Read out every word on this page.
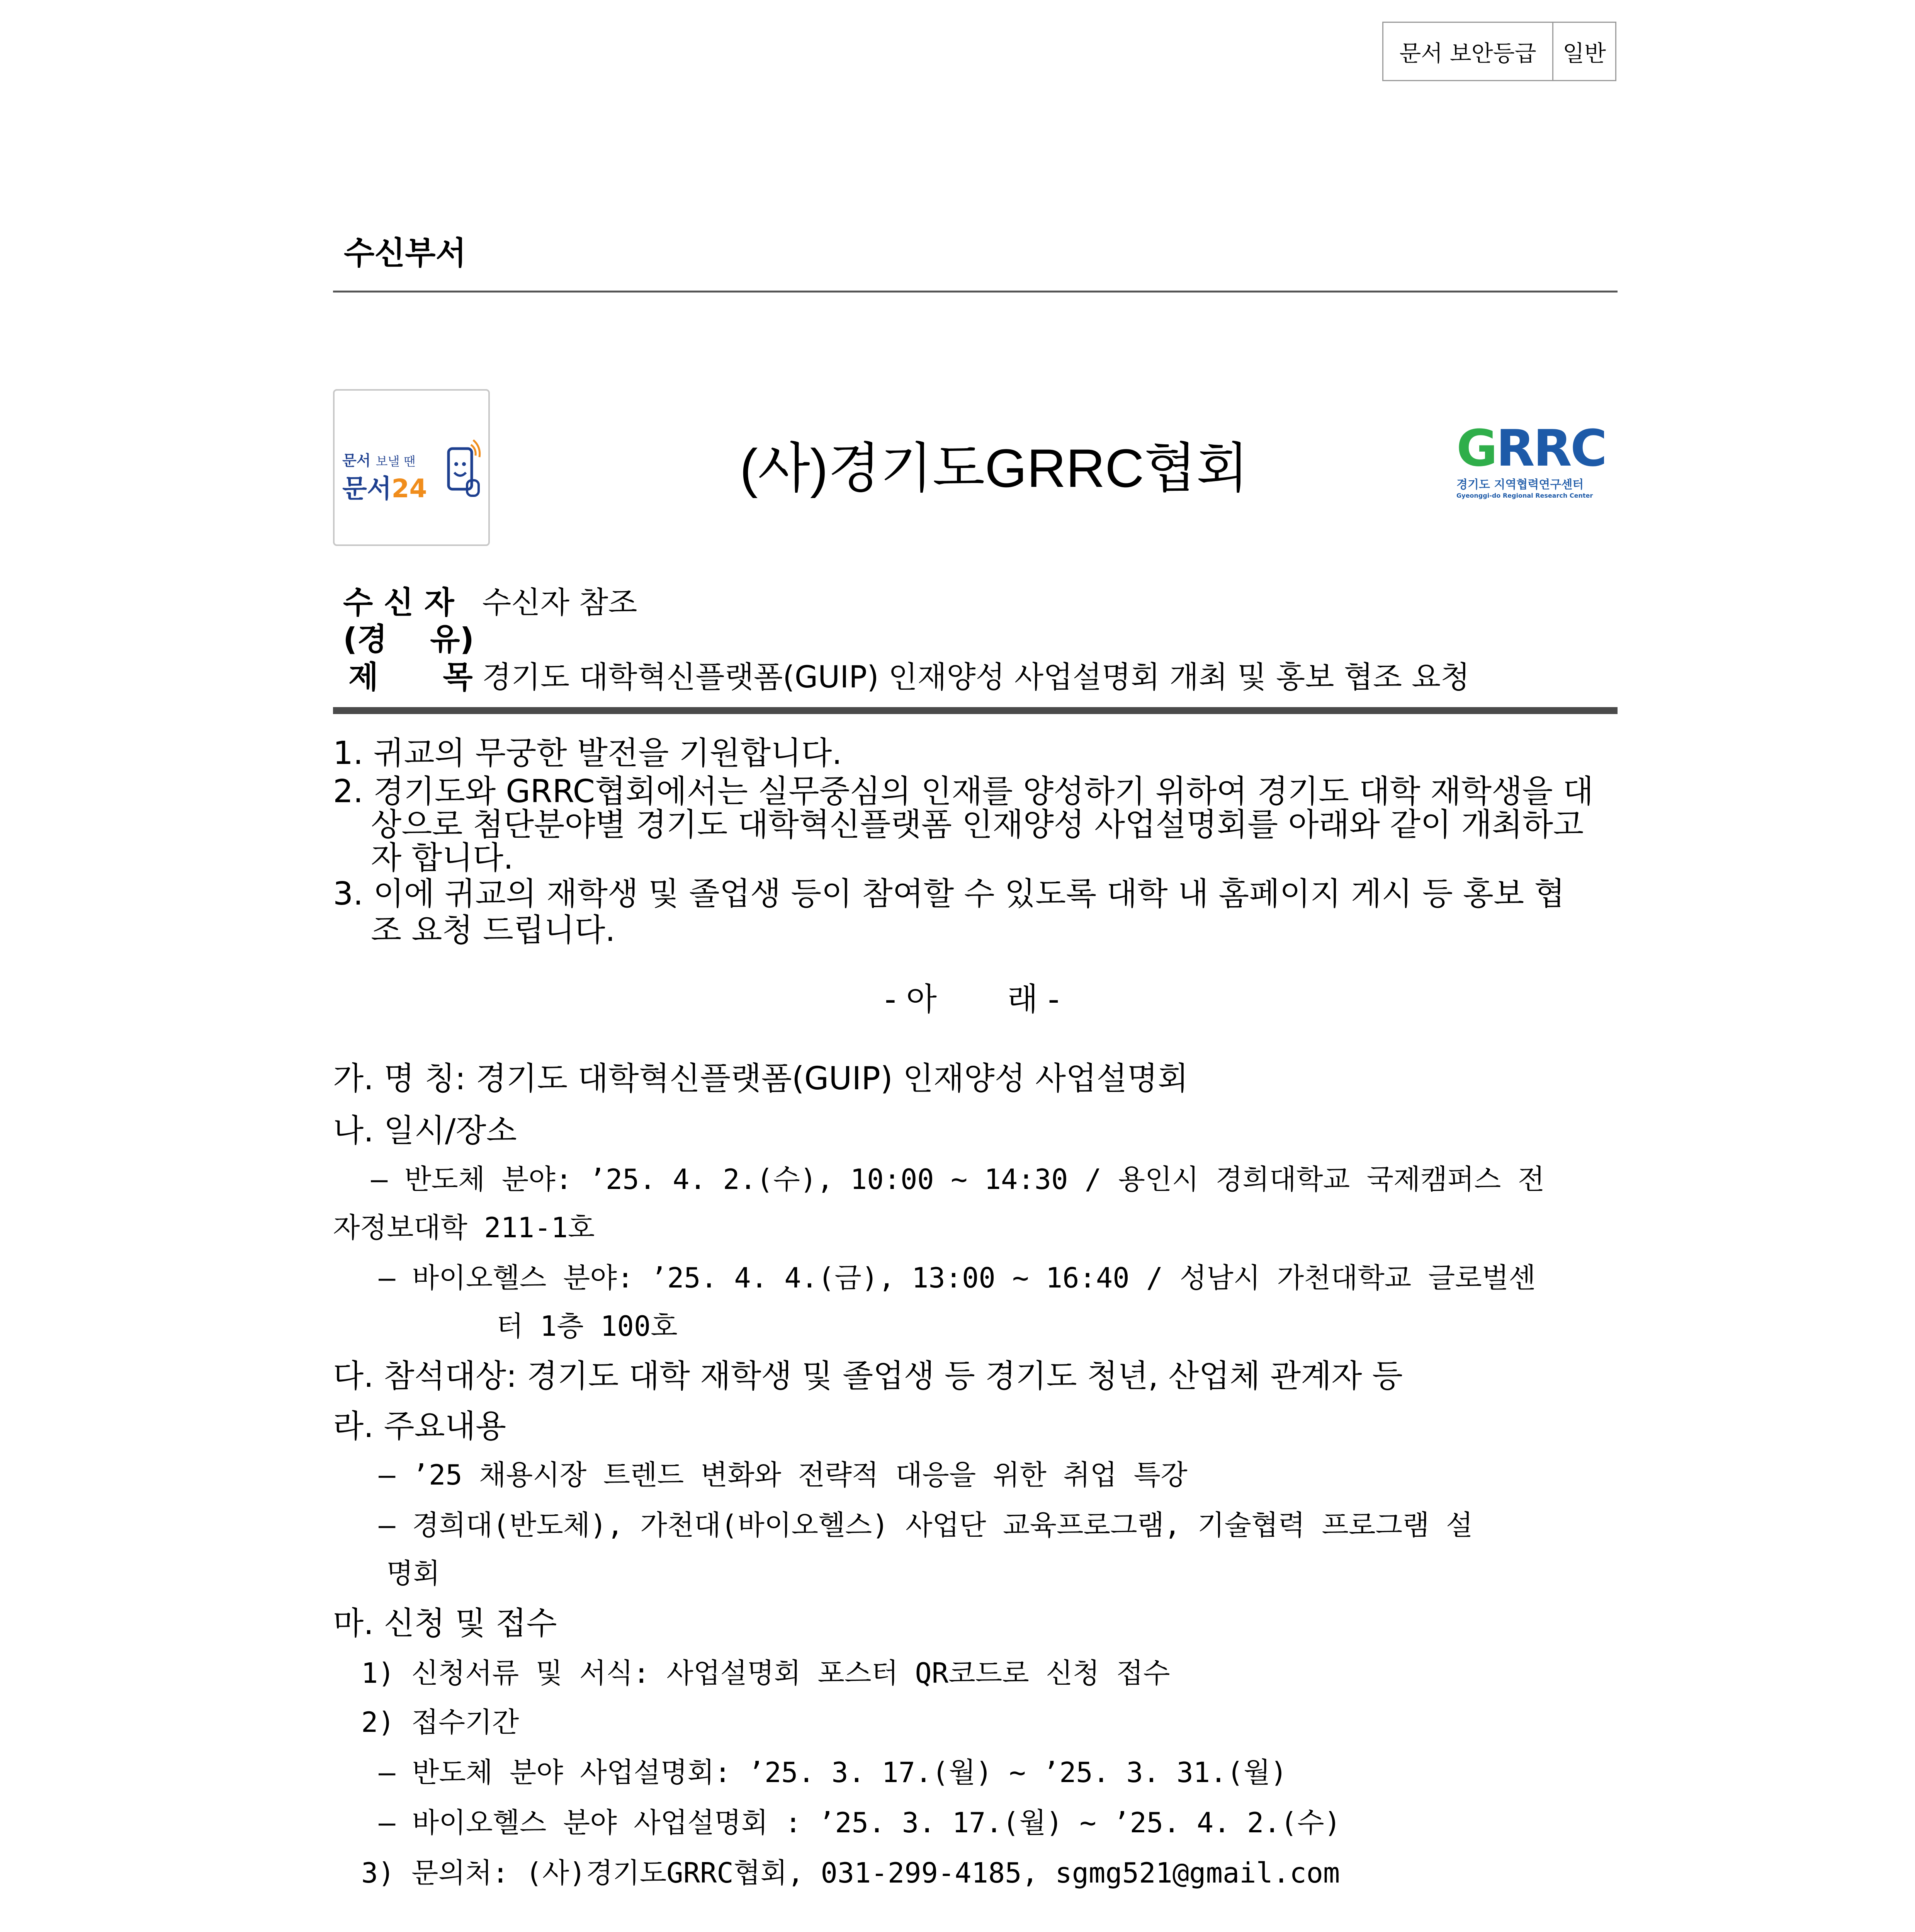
문서 보안등급	일반
수신부서
문서 보낼 땐
문서24	(사)경기도GRRC협회	GRRC
경기도 지역협력연구센터
Gyeonggi-do Regional Research Center
수 신 자 수신자 참조
(경    유)
제      목 경기도 대학혁신플랫폼(GUIP) 인재양성 사업설명회 개최 및 홍보 협조 요청
1. 귀교의 무궁한 발전을 기원합니다.
2. 경기도와 GRRC협회에서는 실무중심의 인재를 양성하기 위하여 경기도 대학 재학생을 대
상으로 첨단분야별 경기도 대학혁신플랫폼 인재양성 사업설명회를 아래와 같이 개최하고
자 합니다.
3. 이에 귀교의 재학생 및 졸업생 등이 참여할 수 있도록 대학 내 홈페이지 게시 등 홍보 협
조 요청 드립니다.
- 아       래 -
가. 명 칭: 경기도 대학혁신플랫폼(GUIP) 인재양성 사업설명회
나. 일시/장소
– 반도체 분야: ’25. 4. 2.(수), 10:00 ~ 14:30 / 용인시 경희대학교 국제캠퍼스 전
자정보대학 211-1호
– 바이오헬스 분야: ’25. 4. 4.(금), 13:00 ~ 16:40 / 성남시 가천대학교 글로벌센
터 1층 100호
다. 참석대상: 경기도 대학 재학생 및 졸업생 등 경기도 청년, 산업체 관계자 등
라. 주요내용
– ’25 채용시장 트렌드 변화와 전략적 대응을 위한 취업 특강
– 경희대(반도체), 가천대(바이오헬스) 사업단 교육프로그램, 기술협력 프로그램 설
명회
마. 신청 및 접수
1) 신청서류 및 서식: 사업설명회 포스터 QR코드로 신청 접수
2) 접수기간
– 반도체 분야 사업설명회: ’25. 3. 17.(월) ~ ’25. 3. 31.(월)
– 바이오헬스 분야 사업설명회 : ’25. 3. 17.(월) ~ ’25. 4. 2.(수)
3) 문의처: (사)경기도GRRC협회, 031-299-4185, sgmg521@gmail.com
